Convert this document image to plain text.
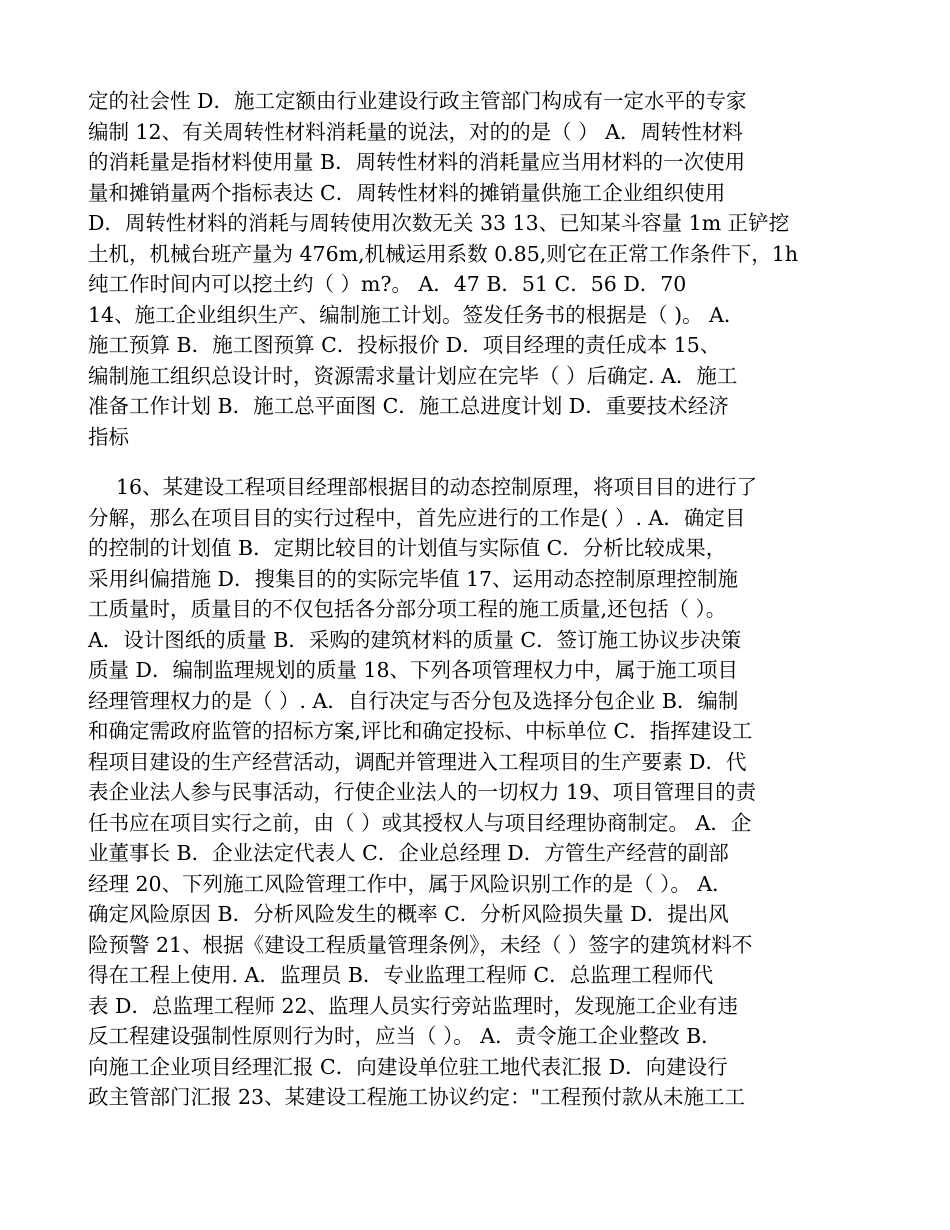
定的社会性 D．施工定额由行业建设行政主管部门构成有一定水平的专家
编制 12、有关周转性材料消耗量的说法，对的的是（ ） A．周转性材料
的消耗量是指材料使用量 B．周转性材料的消耗量应当用材料的一次使用
量和摊销量两个指标表达 C．周转性材料的摊销量供施工企业组织使用
D．周转性材料的消耗与周转使用次数无关 33 13、已知某斗容量 1m 正铲挖
土机，机械台班产量为 476m,机械运用系数 0.85,则它在正常工作条件下，1h
纯工作时间内可以挖土约（ ）m?。 A．47 B．51 C．56 D．70
14、施工企业组织生产、编制施工计划。签发任务书的根据是（ )。 A．
施工预算 B．施工图预算 C．投标报价 D．项目经理的责任成本 15、
编制施工组织总设计时，资源需求量计划应在完毕（ ）后确定. A．施工
准备工作计划 B．施工总平面图 C．施工总进度计划 D．重要技术经济
指标
16、某建设工程项目经理部根据目的动态控制原理，将项目目的进行了
分解，那么在项目目的实行过程中，首先应进行的工作是( ）. A．确定目
的控制的计划值 B．定期比较目的计划值与实际值 C．分析比较成果，
采用纠偏措施 D．搜集目的的实际完毕值 17、运用动态控制原理控制施
工质量时，质量目的不仅包括各分部分项工程的施工质量,还包括（ ）。
A．设计图纸的质量 B．采购的建筑材料的质量 C．签订施工协议步决策
质量 D．编制监理规划的质量 18、下列各项管理权力中，属于施工项目
经理管理权力的是（ ）. A．自行决定与否分包及选择分包企业 B．编制
和确定需政府监管的招标方案,评比和确定投标、中标单位 C．指挥建设工
程项目建设的生产经营活动，调配并管理进入工程项目的生产要素 D．代
表企业法人参与民事活动，行使企业法人的一切权力 19、项目管理目的责
任书应在项目实行之前，由（ ）或其授权人与项目经理协商制定。 A．企
业董事长 B．企业法定代表人 C．企业总经理 D．方管生产经营的副部
经理 20、下列施工风险管理工作中，属于风险识别工作的是（ ）。 A．
确定风险原因 B．分析风险发生的概率 C．分析风险损失量 D．提出风
险预警 21、根据《建设工程质量管理条例》，未经（ ）签字的建筑材料不
得在工程上使用. A．监理员 B．专业监理工程师 C．总监理工程师代
表 D．总监理工程师 22、监理人员实行旁站监理时，发现施工企业有违
反工程建设强制性原则行为时，应当（ ）。 A．责令施工企业整改 B．
向施工企业项目经理汇报 C．向建设单位驻工地代表汇报 D．向建设行
政主管部门汇报 23、某建设工程施工协议约定："工程预付款从未施工工
